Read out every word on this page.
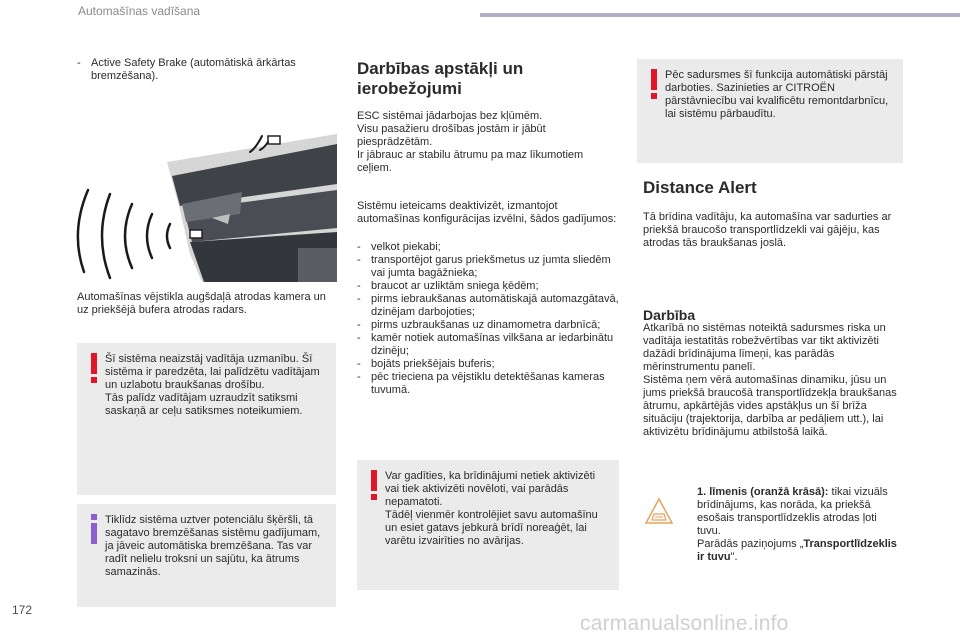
Automašīnas vadīšana
- Active Safety Brake (automātiskā ārkārtas bremzēšana).

Automašīnas vējstikla augšdaļā atrodas kamera un uz priekšējā bufera atrodas radars.

Šī sistēma neaizstāj vadītāja uzmanību. Šī sistēma ir paredzēta, lai palīdzētu vadītājam un uzlabotu braukšanas drošību.
Tās palīdz vadītājam uzraudzīt satiksmi saskaņā ar ceļu satiksmes noteikumiem.

Tiklīdz sistēma uztver potenciālu šķēršli, tā sagatavo bremzēšanas sistēmu gadījumam, ja jāveic automātiska bremzēšana. Tas var radīt nelielu troksni un sajūtu, ka ātrums samazinās.

Darbības apstākļi un ierobežojumi

ESC sistēmai jādarbojas bez kļūmēm.
Visu pasažieru drošības jostām ir jābūt piesprādzētām.
Ir jābrauc ar stabilu ātrumu pa maz līkumotiem ceļiem.

Sistēmu ieteicams deaktivizēt, izmantojot automašīnas konfigurācijas izvēlni, šādos gadījumos:

- velkot piekabi;

- transportējot garus priekšmetus uz jumta sliedēm vai jumta bagāžnieka;

- braucot ar uzliktām sniega ķēdēm;

- pirms iebraukšanas automātiskajā automazgātavā, dzinējam darbojoties;

- pirms uzbraukšanas uz dinamometra darbnīcā;

- kamēr notiek automašīnas vilkšana ar iedarbinātu dzinēju;

- bojāts priekšējais buferis;

- pēc trieciena pa vējstiklu detektēšanas kameras tuvumā.

Var gadīties, ka brīdinājumi netiek aktivizēti vai tiek aktivizēti novēloti, vai parādās nepamatoti.
Tādēļ vienmēr kontrolējiet savu automašīnu un esiet gatavs jebkurā brīdī noreaģēt, lai varētu izvairīties no avārijas.

Pēc sadursmes šī funkcija automātiski pārstāj darboties. Sazinieties ar CITROËN pārstāvniecību vai kvalificētu remontdarbnīcu, lai sistēmu pārbaudītu.

Distance Alert

Tā brīdina vadītāju, ka automašīna var sadurties ar priekšā braucošo transportlīdzekli vai gājēju, kas atrodas tās braukšanas joslā.

Darbība

Atkarībā no sistēmas noteiktā sadursmes riska un vadītāja iestatītās robežvērtības var tikt aktivizēti dažādi brīdinājuma līmeņi, kas parādās mērinstrumentu panelī.
Sistēma ņem vērā automašīnas dinamiku, jūsu un jums priekšā braucošā transportlīdzekļa braukšanas ātrumu, apkārtējās vides apstākļus un šī brīža situāciju (trajektorija, darbība ar pedāļiem utt.), lai aktivizētu brīdinājumu atbilstošā laikā.

1. līmenis (oranžā krāsā): tikai vizuāls brīdinājums, kas norāda, ka priekšā esošais transportlīdzeklis atrodas ļoti tuvu.
Parādās paziņojums „Transportlīdzeklis ir tuvu".

172
carmanualsonline.info
